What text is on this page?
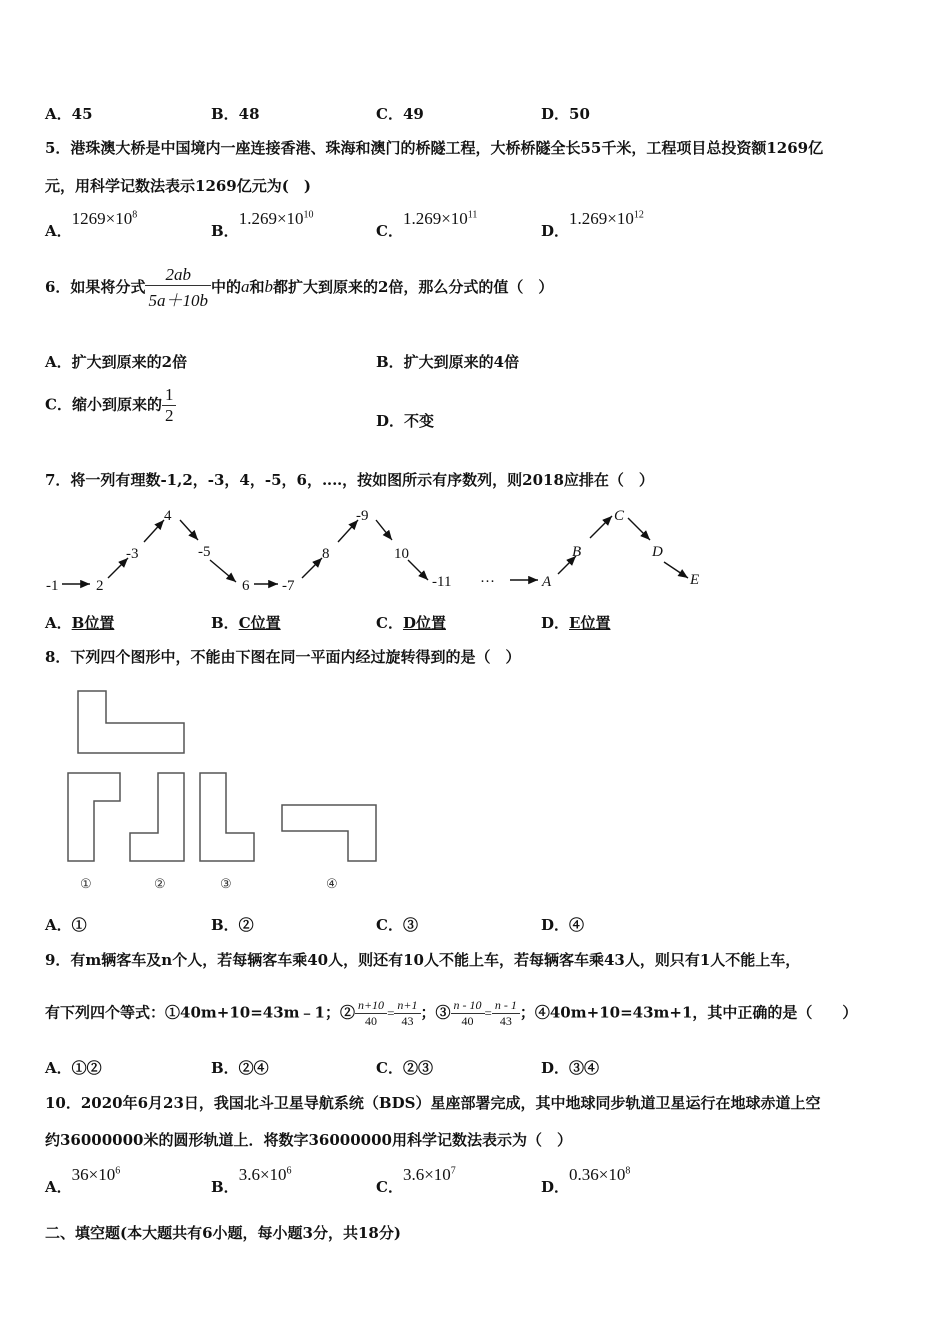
A．45	B．48	C．49	D．50
5．港珠澳大桥是中国境内一座连接香港、珠海和澳门的桥隧工程，大桥桥隧全长55千米，工程项目总投资额1269亿
元，用科学记数法表示1269亿元为(　)
A．$1269\times 10^8$
B．$1.269\times 10^{10}$
C．$1.269\times 10^{11}$
D．$1.269\times 10^{12}$
6．如果将分式 $\frac{2ab}{5a+10b}$ 中的a和b都扩大到原来的2倍，那么分式的值（　）
A．扩大到原来的2倍	B．扩大到原来的4倍
C．缩小到原来的 $\frac{1}{2}$	D．不变
7．将一列有理数-1,2，-3，4，-5，6，‥‥，按如图所示有序数列，则2018应排在（　）
-1	2
-3
4
-5
6 -7
8
-9
10
-11 ···	A
B
C
D
E
A．B位置	B．C位置	C．D位置	D．E位置
8．下列四个图形中，不能由下图在同一平面内经过旋转得到的是（　）
①	②	③	④
A．①	B．②	C．③	D．④
9．有m辆客车及n个人，若每辆客车乘40人，则还有10人不能上车，若每辆客车乘43人，则只有1人不能上车，
有下列四个等式：①40m+10=43m﹣1；② $\frac{n+10}{40} = \frac{n+1}{43}$ ；③ $\frac{n - 10}{40} = \frac{n - 1}{43}$ ；④40m+10=43m+1，其中正确的是（　　）
A．①②	B．②④	C．②③	D．③④
10．2020年6月23日，我国北斗卫星导航系统（BDS）星座部署完成，其中地球同步轨道卫星运行在地球赤道上空
约36000000米的圆形轨道上．将数字36000000用科学记数法表示为（　）
A．$36\times 10^6$
B．$3.6\times 10^6$
C．$3.6\times 10^7$
D．$0.36\times 10^8$
二、填空题(本大题共有6小题，每小题3分，共18分)
